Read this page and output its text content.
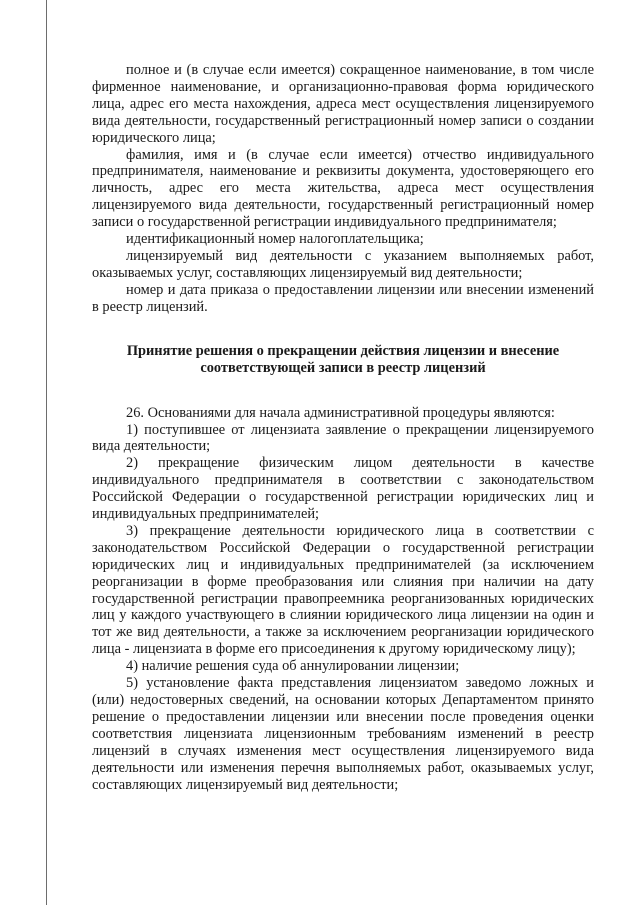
полное и (в случае если имеется) сокращенное наименование, в том числе фирменное наименование, и организационно-правовая форма юридического лица, адрес его места нахождения, адреса мест осуществления лицензируемого вида деятельности, государственный регистрационный номер записи о создании юридического лица;

фамилия, имя и (в случае если имеется) отчество индивидуального предпринимателя, наименование и реквизиты документа, удостоверяющего его личность, адрес его места жительства, адреса мест осуществления лицензируемого вида деятельности, государственный регистрационный номер записи о государственной регистрации индивидуального предпринимателя;

идентификационный номер налогоплательщика;

лицензируемый вид деятельности с указанием выполняемых работ, оказываемых услуг, составляющих лицензируемый вид деятельности;

номер и дата приказа о предоставлении лицензии или внесении изменений в реестр лицензий.

Принятие решения о прекращении действия лицензии и внесение соответствующей записи в реестр лицензий

26. Основаниями для начала административной процедуры являются:

1) поступившее от лицензиата заявление о прекращении лицензируемого вида деятельности;

2) прекращение физическим лицом деятельности в качестве индивидуального предпринимателя в соответствии с законодательством Российской Федерации о государственной регистрации юридических лиц и индивидуальных предпринимателей;

3) прекращение деятельности юридического лица в соответствии с законодательством Российской Федерации о государственной регистрации юридических лиц и индивидуальных предпринимателей (за исключением реорганизации в форме преобразования или слияния при наличии на дату государственной регистрации правопреемника реорганизованных юридических лиц у каждого участвующего в слиянии юридического лица лицензии на один и тот же вид деятельности, а также за исключением реорганизации юридического лица - лицензиата в форме его присоединения к другому юридическому лицу);

4) наличие решения суда об аннулировании лицензии;

5) установление факта представления лицензиатом заведомо ложных и (или) недостоверных сведений, на основании которых Департаментом принято решение о предоставлении лицензии или внесении после проведения оценки соответствия лицензиата лицензионным требованиям изменений в реестр лицензий в случаях изменения мест осуществления лицензируемого вида деятельности или изменения перечня выполняемых работ, оказываемых услуг, составляющих лицензируемый вид деятельности;
